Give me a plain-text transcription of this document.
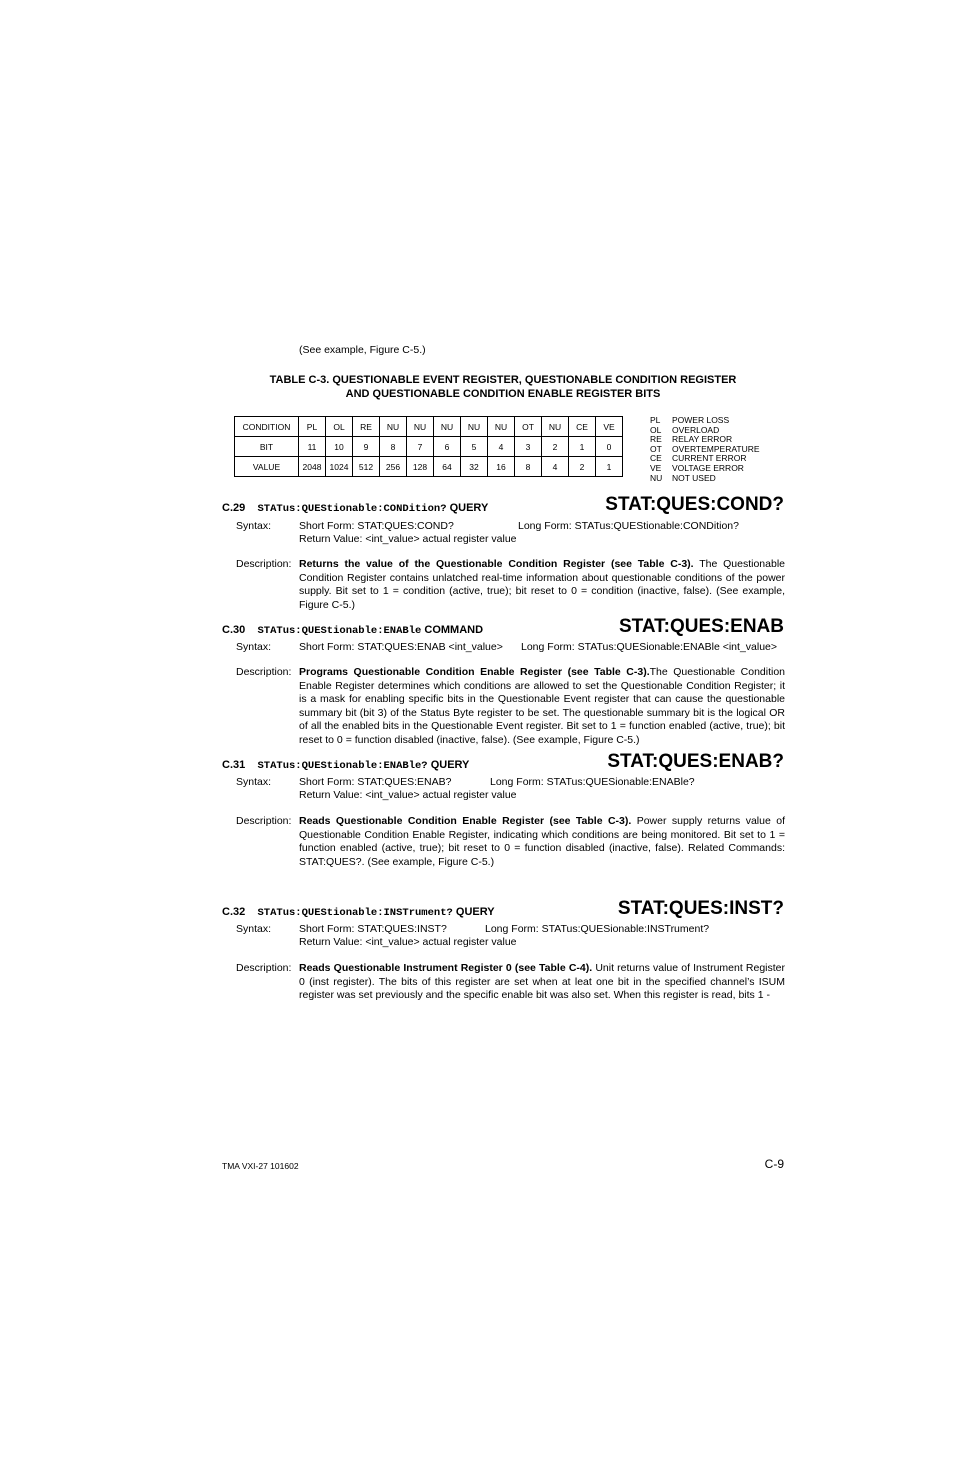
(See example, Figure C-5.)
TABLE C-3. QUESTIONABLE EVENT REGISTER, QUESTIONABLE CONDITION REGISTER
AND QUESTIONABLE CONDITION ENABLE REGISTER BITS
CONDITION	PL	OL	RE	NU	NU	NU	NU	NU	OT	NU	CE	VE
BIT	11	10	9	8	7	6	5	4	3	2	1	0
VALUE	2048	1024	512	256	128	64	32	16	8	4	2	1
PL POWER LOSS
OL OVERLOAD
RE RELAY ERROR
OT OVERTEMPERATURE
CE CURRENT ERROR
VE VOLTAGE ERROR
NU NOT USED
C.29 STATus:QUEStionable:CONDition? QUERY	STAT:QUES:COND?
Syntax:	Short Form: STAT:QUES:COND?	Long Form: STATus:QUEStionable:CONDition?
Return Value: <int_value> actual register value
Description: Returns the value of the Questionable Condition Register (see Table C-3). The Questionable Condition Register contains unlatched real-time information about questionable conditions of the power supply. Bit set to 1 = condition (active, true); bit reset to 0 = condition (inactive, false). (See example, Figure C-5.)
C.30 STATus:QUEStionable:ENABle COMMAND	STAT:QUES:ENAB
Syntax:	Short Form: STAT:QUES:ENAB <int_value> Long Form: STATus:QUESionable:ENABle <int_value>
Description: Programs Questionable Condition Enable Register (see Table C-3).The Questionable Condition Enable Register determines which conditions are allowed to set the Questionable Condition Register; it is a mask for enabling specific bits in the Questionable Event register that can cause the questionable summary bit (bit 3) of the Status Byte register to be set. The questionable summary bit is the logical OR of all the enabled bits in the Questionable Event register. Bit set to 1 = function enabled (active, true); bit reset to 0 = function disabled (inactive, false). (See example, Figure C-5.)
C.31 STATus:QUEStionable:ENABle? QUERY	STAT:QUES:ENAB?
Syntax:	Short Form: STAT:QUES:ENAB?	Long Form: STATus:QUESionable:ENABle?
Return Value: <int_value> actual register value
Description: Reads Questionable Condition Enable Register (see Table C-3). Power supply returns value of Questionable Condition Enable Register, indicating which conditions are being monitored. Bit set to 1 = function enabled (active, true); bit reset to 0 = function disabled (inactive, false). Related Commands: STAT:QUES?. (See example, Figure C-5.)
C.32 STATus:QUEStionable:INSTrument? QUERY	STAT:QUES:INST?
Syntax:	Short Form: STAT:QUES:INST?	Long Form: STATus:QUESionable:INSTrument?
Return Value: <int_value> actual register value
Description: Reads Questionable Instrument Register 0 (see Table C-4). Unit returns value of Instrument Register 0 (inst register). The bits of this register are set when at leat one bit in the specified channel’s ISUM register was set previously and the specific enable bit was also set. When this register is read, bits 1 -
TMA VXI-27 101602	C-9
